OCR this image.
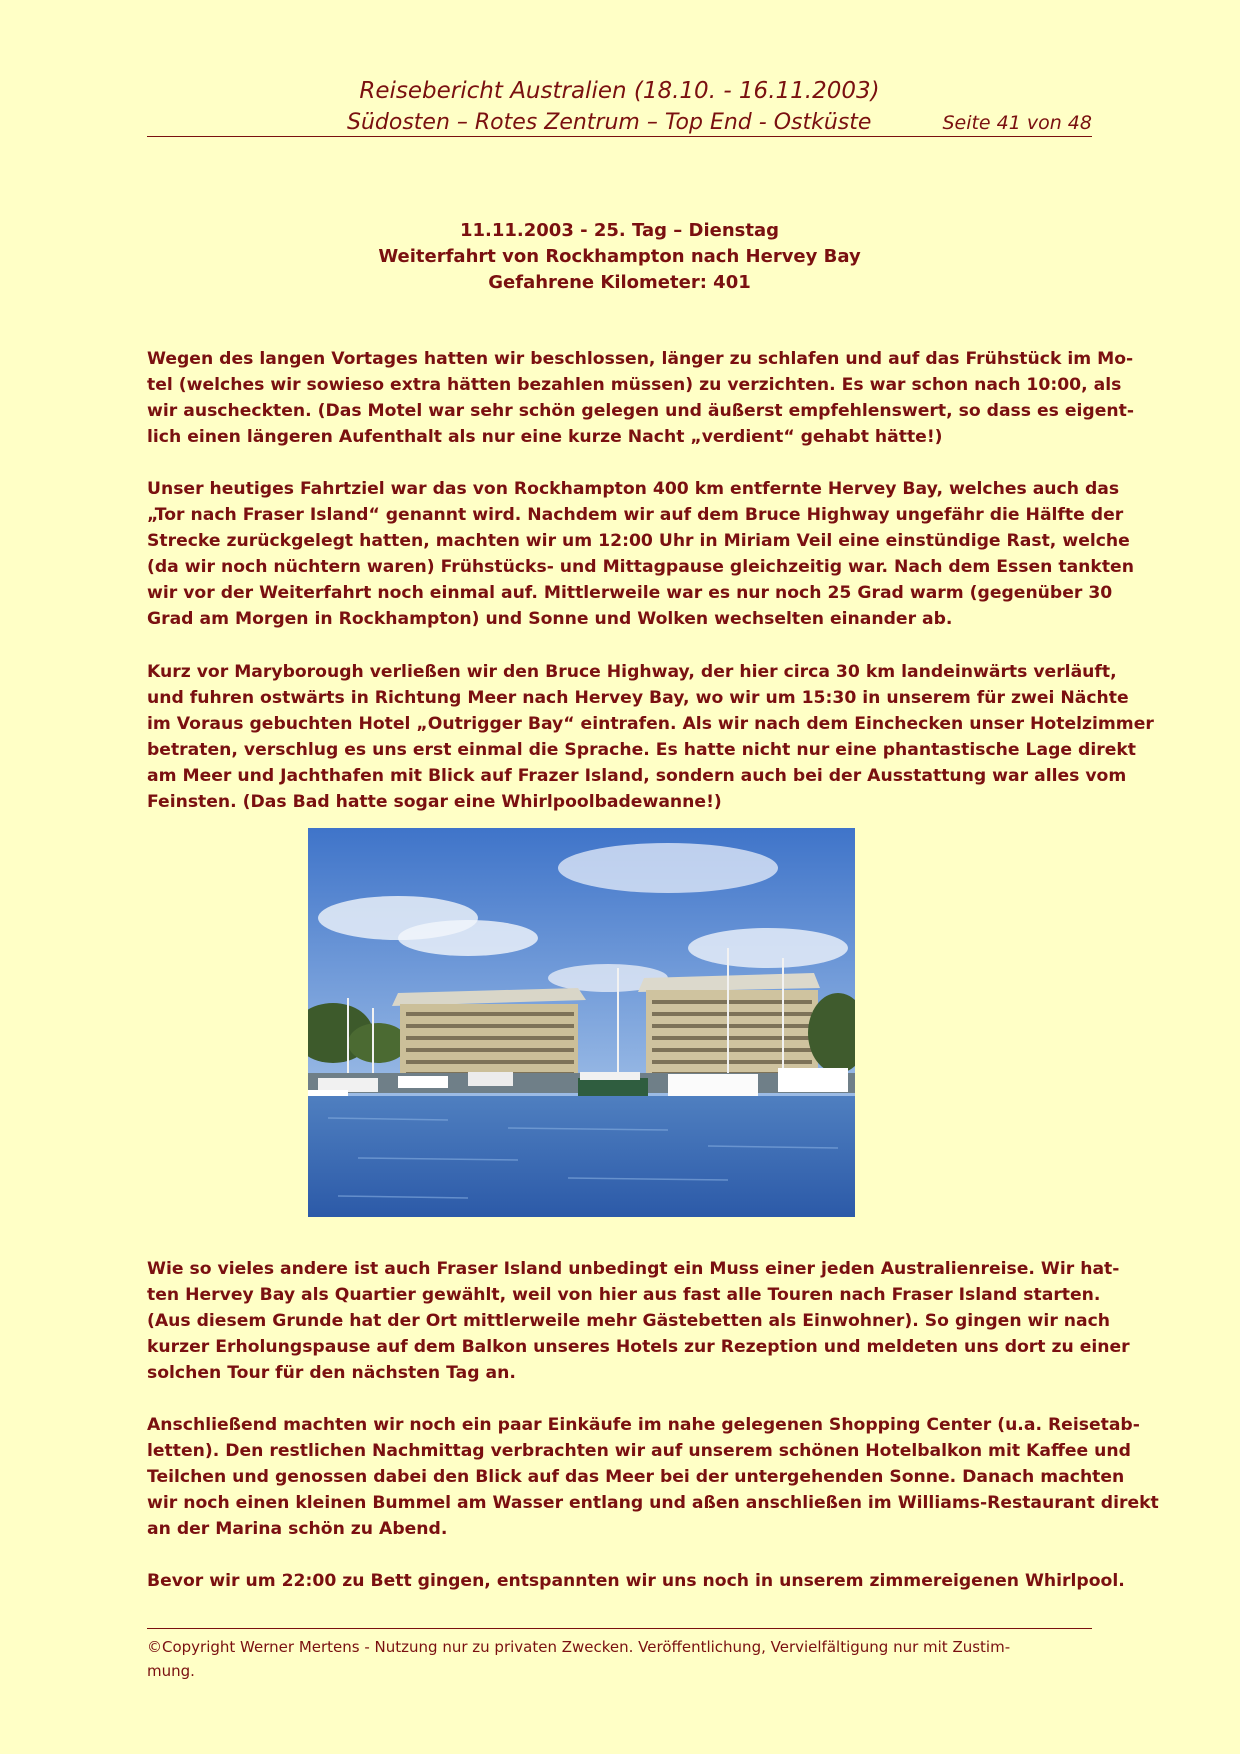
Reisebericht Australien (18.10. - 16.11.2003)
Südosten – Rotes Zentrum – Top End - Ostküste	Seite 41 von 48
11.11.2003 - 25. Tag – Dienstag
Weiterfahrt von Rockhampton nach Hervey Bay
Gefahrene Kilometer: 401
Wegen des langen Vortages hatten wir beschlossen, länger zu schlafen und auf das Frühstück im Mo-
tel (welches wir sowieso extra hätten bezahlen müssen) zu verzichten. Es war schon nach 10:00, als
wir auscheckten. (Das Motel war sehr schön gelegen und äußerst empfehlenswert, so dass es eigent-
lich einen längeren Aufenthalt als nur eine kurze Nacht „verdient“ gehabt hätte!)
Unser heutiges Fahrtziel war das von Rockhampton 400 km entfernte Hervey Bay, welches auch das
„Tor nach Fraser Island“ genannt wird. Nachdem wir auf dem Bruce Highway ungefähr die Hälfte der
Strecke zurückgelegt hatten, machten wir um 12:00 Uhr in Miriam Veil eine einstündige Rast, welche
(da wir noch nüchtern waren) Frühstücks- und Mittagpause gleichzeitig war. Nach dem Essen tankten
wir vor der Weiterfahrt noch einmal auf. Mittlerweile war es nur noch 25 Grad warm (gegenüber 30
Grad am Morgen in Rockhampton) und Sonne und Wolken wechselten einander ab.
Kurz vor Maryborough verließen wir den Bruce Highway, der hier circa 30 km landeinwärts verläuft,
und fuhren ostwärts in Richtung Meer nach Hervey Bay, wo wir um 15:30 in unserem für zwei Nächte
im Voraus gebuchten Hotel „Outrigger Bay“ eintrafen. Als wir nach dem Einchecken unser Hotelzimmer
betraten, verschlug es uns erst einmal die Sprache. Es hatte nicht nur eine phantastische Lage direkt
am Meer und Jachthafen mit Blick auf Frazer Island, sondern auch bei der Ausstattung war alles vom
Feinsten. (Das Bad hatte sogar eine Whirlpoolbadewanne!)
Wie so vieles andere ist auch Fraser Island unbedingt ein Muss einer jeden Australienreise. Wir hat-
ten Hervey Bay als Quartier gewählt, weil von hier aus fast alle Touren nach Fraser Island starten.
(Aus diesem Grunde hat der Ort mittlerweile mehr Gästebetten als Einwohner). So gingen wir nach
kurzer Erholungspause auf dem Balkon unseres Hotels zur Rezeption und meldeten uns dort zu einer
solchen Tour für den nächsten Tag an.
Anschließend machten wir noch ein paar Einkäufe im nahe gelegenen Shopping Center (u.a. Reisetab-
letten). Den restlichen Nachmittag verbrachten wir auf unserem schönen Hotelbalkon mit Kaffee und
Teilchen und genossen dabei den Blick auf das Meer bei der untergehenden Sonne. Danach machten
wir noch einen kleinen Bummel am Wasser entlang und aßen anschließen im Williams-Restaurant direkt
an der Marina schön zu Abend.
Bevor wir um 22:00 zu Bett gingen, entspannten wir uns noch in unserem zimmereigenen Whirlpool.
©Copyright Werner Mertens - Nutzung nur zu privaten Zwecken. Veröffentlichung, Vervielfältigung nur mit Zustim-
mung.
